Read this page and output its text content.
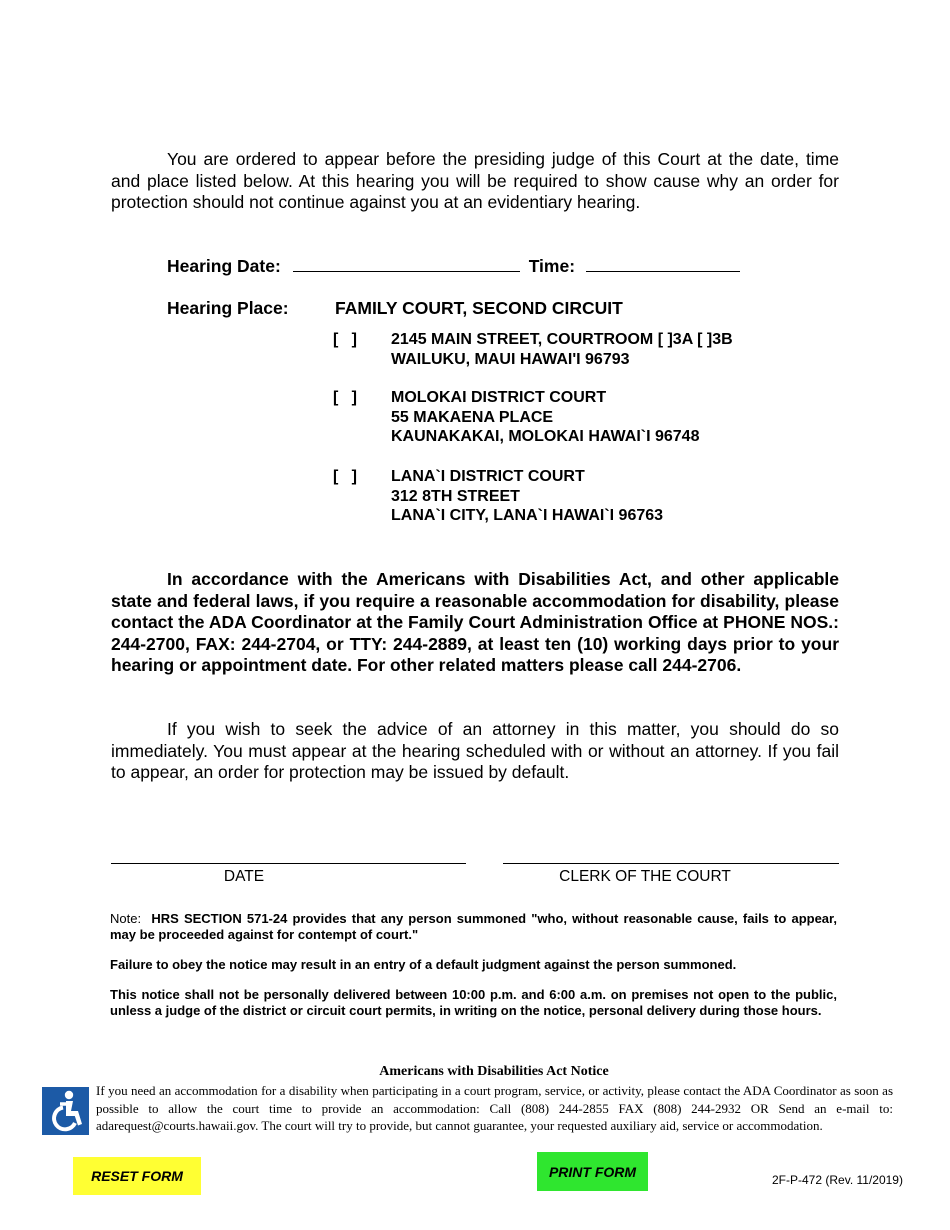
You are ordered to appear before the presiding judge of this Court at the date, time and place listed below. At this hearing you will be required to show cause why an order for protection should not continue against you at an evidentiary hearing.
Hearing Date:	Time:
Hearing Place:	FAMILY COURT, SECOND CIRCUIT
[   ] 2145 MAIN STREET, COURTROOM [ ]3A [ ]3B
WAILUKU, MAUI HAWAI'I 96793
[   ] MOLOKAI DISTRICT COURT
55 MAKAENA PLACE
KAUNAKAKAI, MOLOKAI HAWAI`I 96748
[   ] LANA`I DISTRICT COURT
312 8TH STREET
LANA`I CITY, LANA`I HAWAI`I 96763
In accordance with the Americans with Disabilities Act, and other applicable state and federal laws, if you require a reasonable accommodation for disability, please contact the ADA Coordinator at the Family Court Administration Office at PHONE NOS.: 244-2700, FAX: 244-2704, or TTY: 244-2889, at least ten (10) working days prior to your hearing or appointment date. For other related matters please call 244-2706.
If you wish to seek the advice of an attorney in this matter, you should do so immediately. You must appear at the hearing scheduled with or without an attorney. If you fail to appear, an order for protection may be issued by default.
DATE	CLERK OF THE COURT
Note: HRS SECTION 571-24 provides that any person summoned "who, without reasonable cause, fails to appear, may be proceeded against for contempt of court."
Failure to obey the notice may result in an entry of a default judgment against the person summoned.
This notice shall not be personally delivered between 10:00 p.m. and 6:00 a.m. on premises not open to the public, unless a judge of the district or circuit court permits, in writing on the notice, personal delivery during those hours.
Americans with Disabilities Act Notice
If you need an accommodation for a disability when participating in a court program, service, or activity, please contact the ADA Coordinator as soon as possible to allow the court time to provide an accommodation: Call (808) 244-2855 FAX (808) 244-2932 OR Send an e-mail to: adarequest@courts.hawaii.gov. The court will try to provide, but cannot guarantee, your requested auxiliary aid, service or accommodation.
RESET FORM	PRINT FORM
2F-P-472 (Rev. 11/2019)
